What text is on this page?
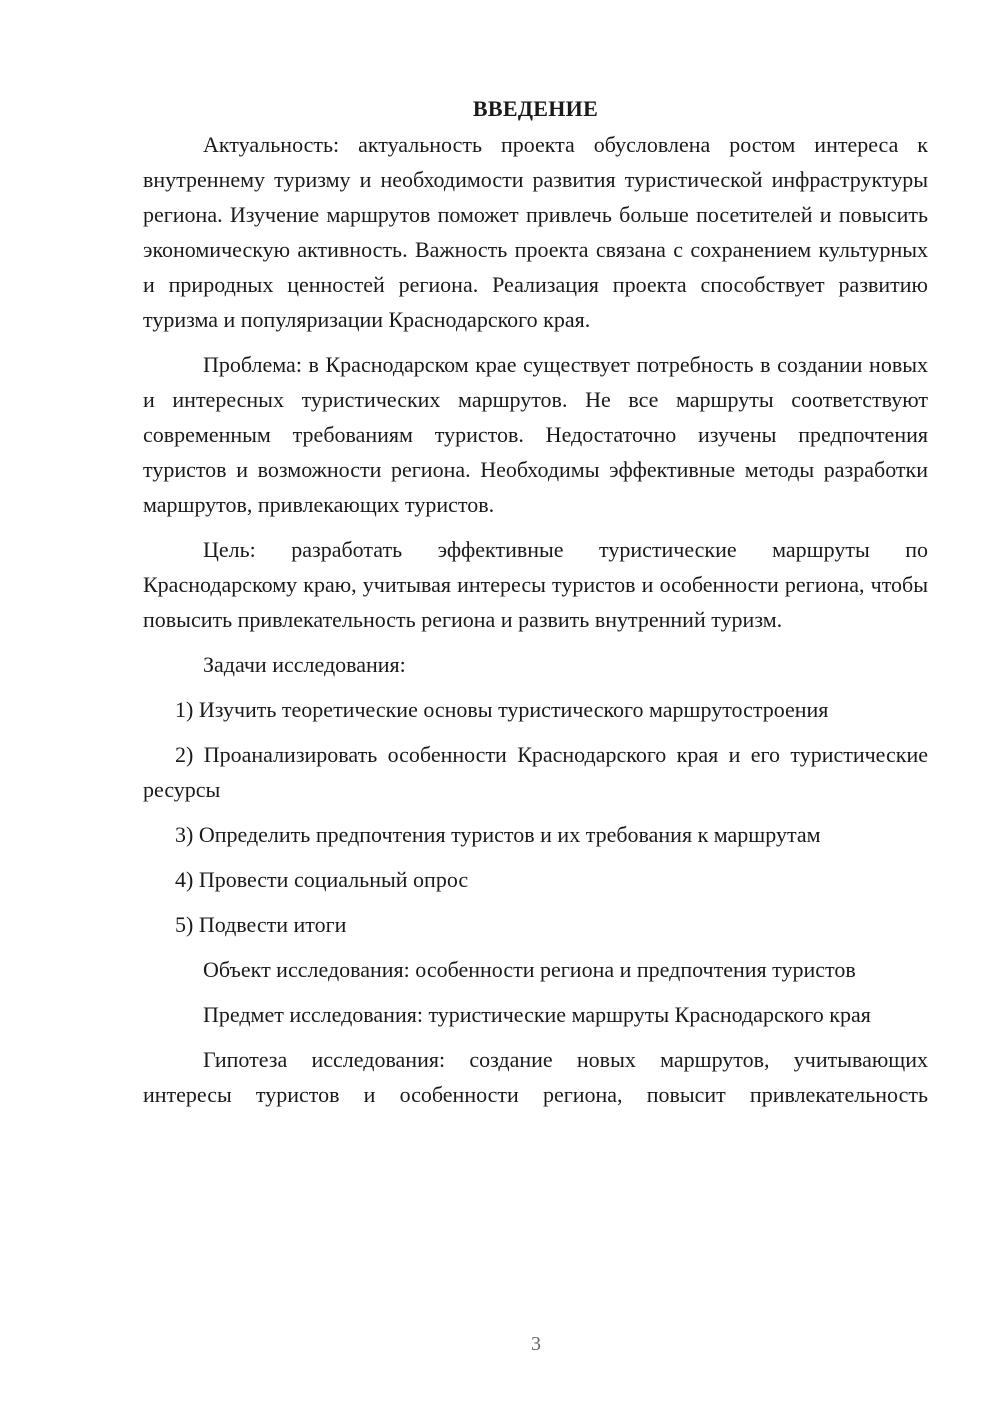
ВВЕДЕНИЕ

Актуальность: актуальность проекта обусловлена ростом интереса к внутреннему туризму и необходимости развития туристической инфраструктуры региона. Изучение маршрутов поможет привлечь больше посетителей и повысить экономическую активность. Важность проекта связана с сохранением культурных и природных ценностей региона. Реализация проекта способствует развитию туризма и популяризации Краснодарского края.

Проблема: в Краснодарском крае существует потребность в создании новых и интересных туристических маршрутов. Не все маршруты соответствуют современным требованиям туристов. Недостаточно изучены предпочтения туристов и возможности региона. Необходимы эффективные методы разработки маршрутов, привлекающих туристов.

Цель: разработать эффективные туристические маршруты по Краснодарскому краю, учитывая интересы туристов и особенности региона, чтобы повысить привлекательность региона и развить внутренний туризм.

Задачи исследования:

1) Изучить теоретические основы туристического маршрутостроения

2) Проанализировать особенности Краснодарского края и его туристические ресурсы

3) Определить предпочтения туристов и их требования к маршрутам

4) Провести социальный опрос

5) Подвести итоги

Объект исследования: особенности региона и предпочтения туристов

Предмет исследования: туристические маршруты Краснодарского края

Гипотеза исследования: создание новых маршрутов, учитывающих интересы туристов и особенности региона, повысит привлекательность

3
